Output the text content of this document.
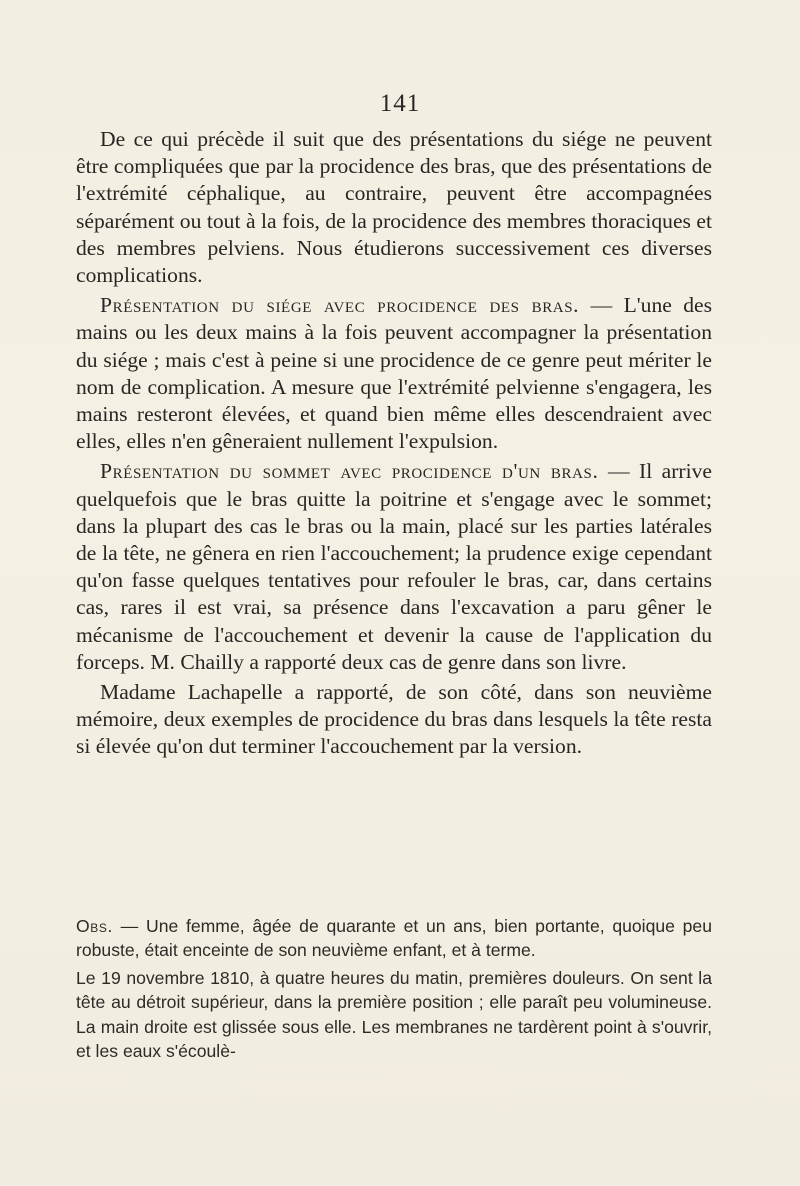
141

De ce qui précède il suit que des présentations du siége ne peuvent être compliquées que par la procidence des bras, que des présentations de l'extrémité céphalique, au contraire, peuvent être accompagnées séparément ou tout à la fois, de la procidence des membres thoraciques et des membres pelviens. Nous étudierons successivement ces diverses complications.

Présentation du siége avec procidence des bras. — L'une des mains ou les deux mains à la fois peuvent accompagner la présentation du siége ; mais c'est à peine si une procidence de ce genre peut mériter le nom de complication. A mesure que l'extrémité pelvienne s'engagera, les mains resteront élevées, et quand bien même elles descendraient avec elles, elles n'en gêneraient nullement l'expulsion.

Présentation du sommet avec procidence d'un bras. — Il arrive quelquefois que le bras quitte la poitrine et s'engage avec le sommet; dans la plupart des cas le bras ou la main, placé sur les parties latérales de la tête, ne gênera en rien l'accouchement; la prudence exige cependant qu'on fasse quelques tentatives pour refouler le bras, car, dans certains cas, rares il est vrai, sa présence dans l'excavation a paru gêner le mécanisme de l'accouchement et devenir la cause de l'application du forceps. M. Chailly a rapporté deux cas de genre dans son livre.

Madame Lachapelle a rapporté, de son côté, dans son neuvième mémoire, deux exemples de procidence du bras dans lesquels la tête resta si élevée qu'on dut terminer l'accouchement par la version.

Obs. — Une femme, âgée de quarante et un ans, bien portante, quoique peu robuste, était enceinte de son neuvième enfant, et à terme.

Le 19 novembre 1810, à quatre heures du matin, premières douleurs. On sent la tête au détroit supérieur, dans la première position ; elle paraît peu volumineuse. La main droite est glissée sous elle. Les membranes ne tardèrent point à s'ouvrir, et les eaux s'écoulè-
